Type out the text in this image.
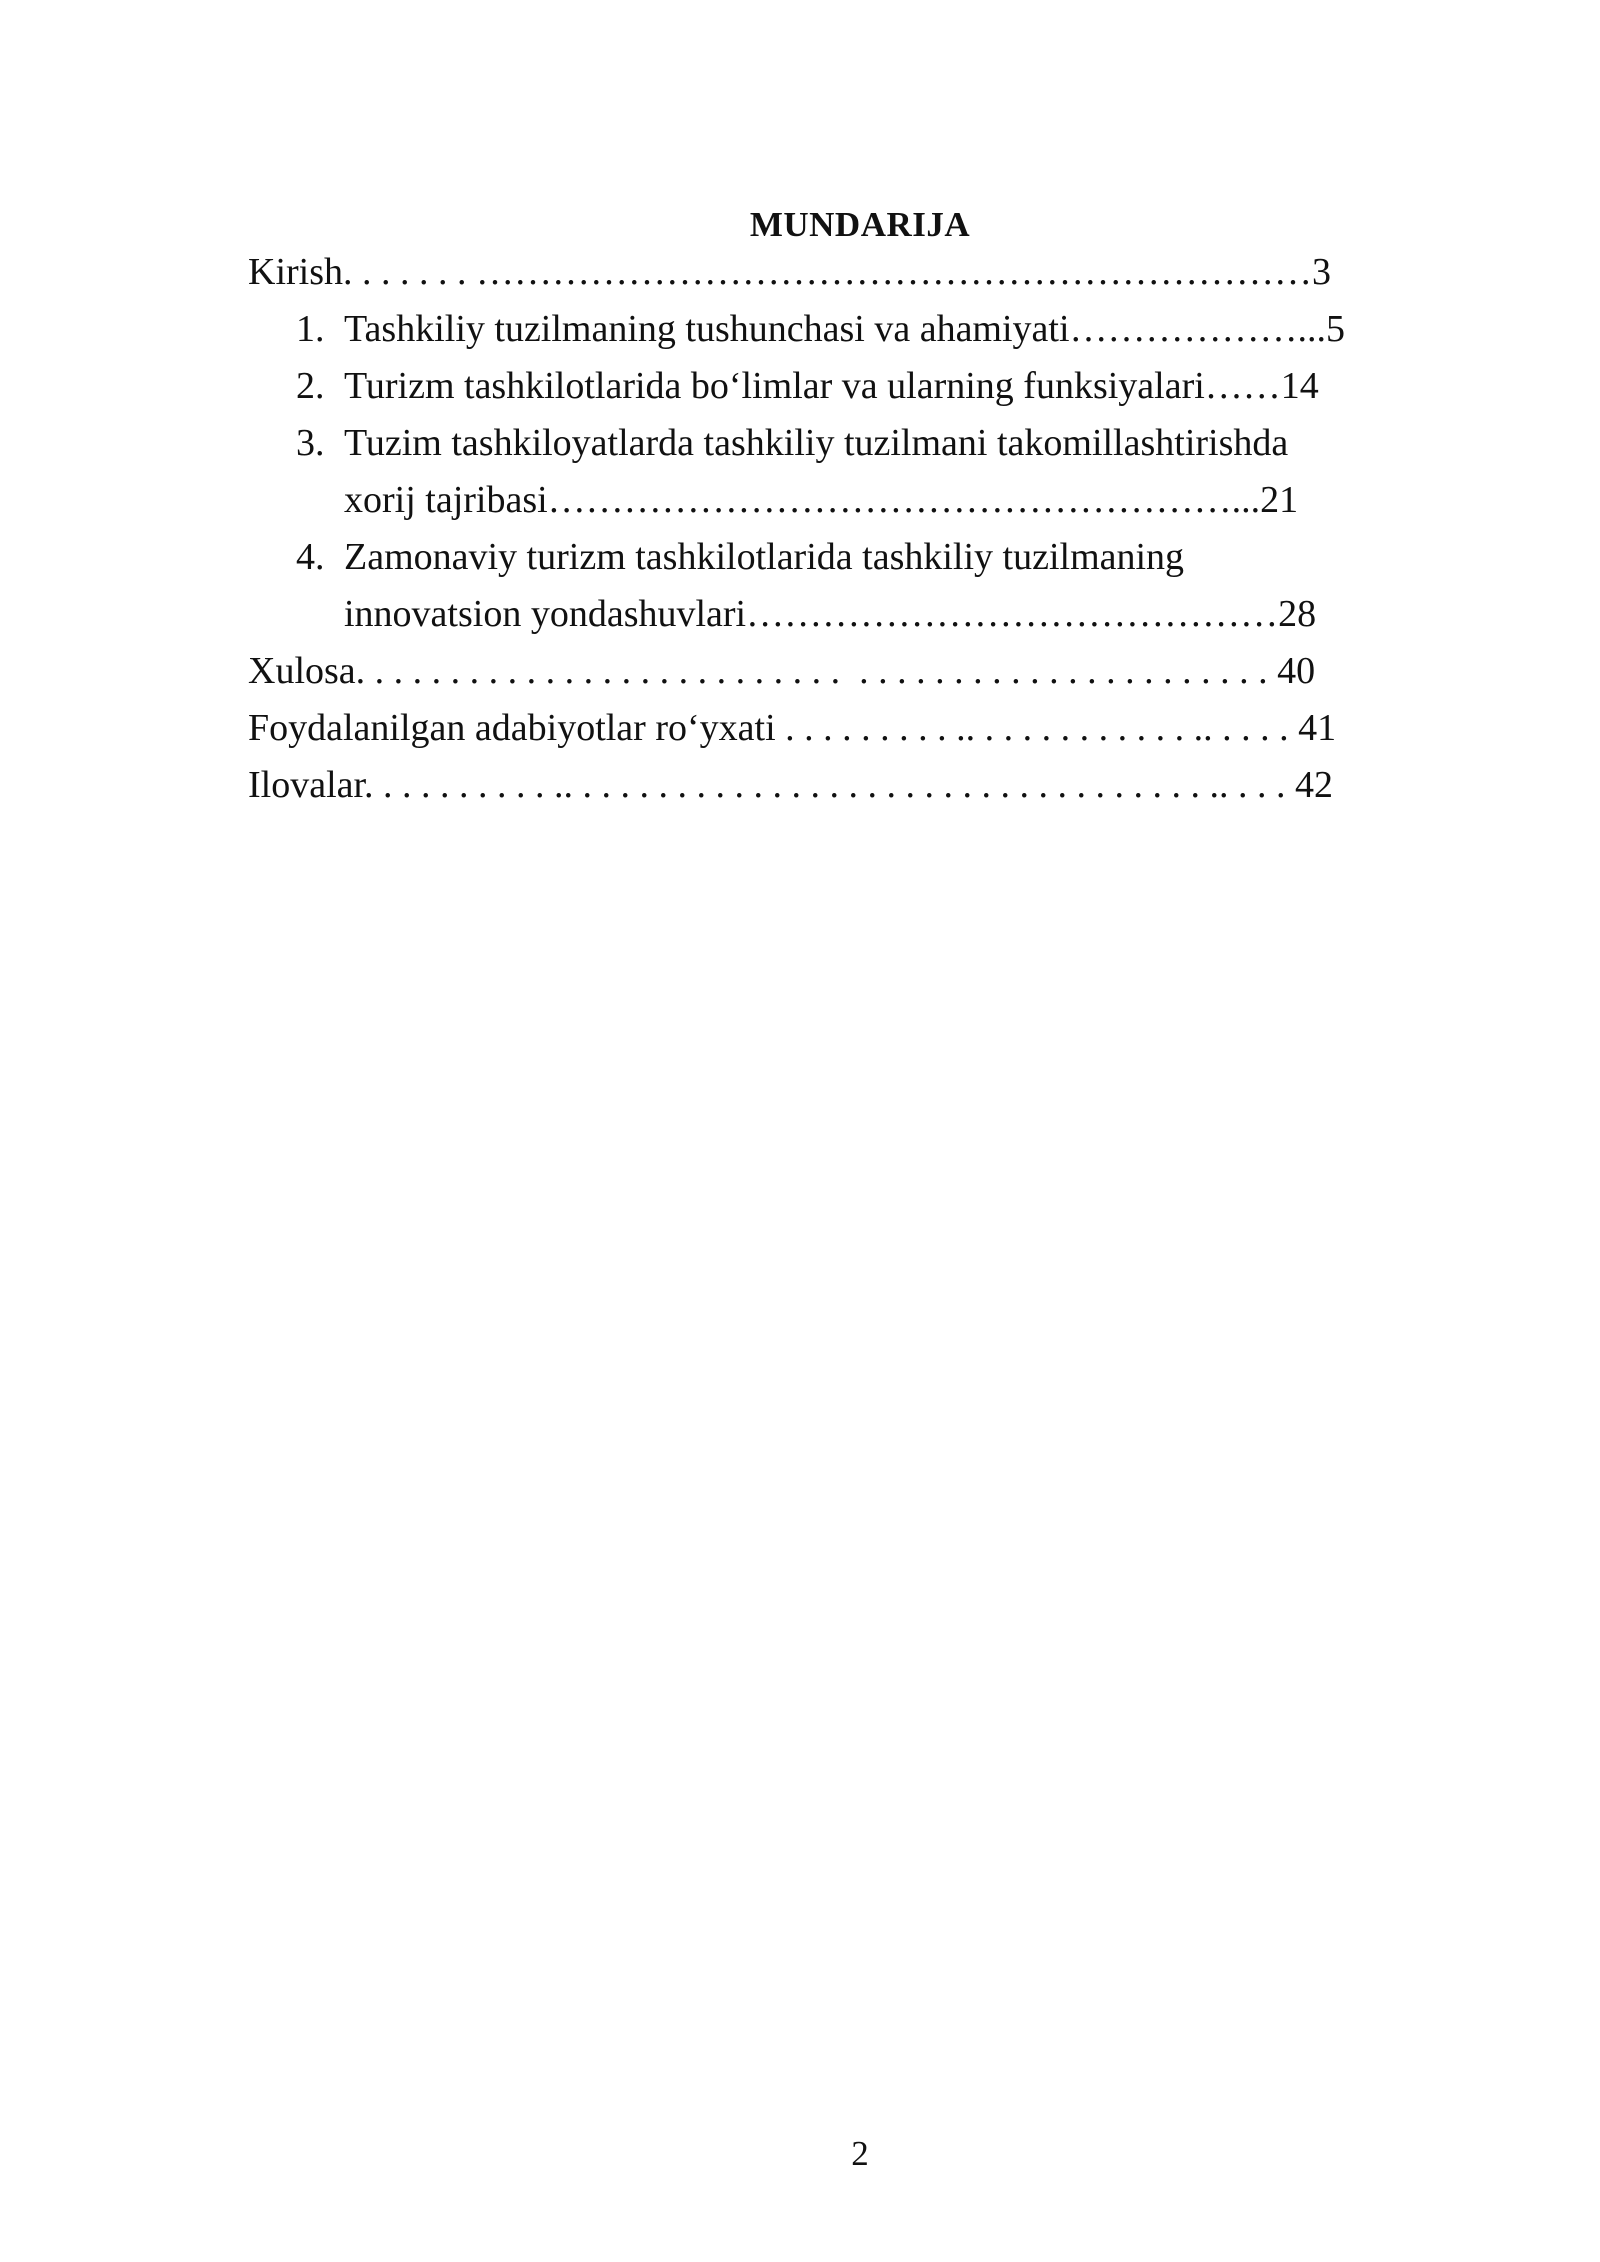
MUNDARIJA
Kirish. . . . . . . …………………………………………………………3
1. Tashkiliy tuzilmaning tushunchasi va ahamiyati………………...5
2. Turizm tashkilotlarida bo‘limlar va ularning funksiyalari……14
3. Tuzim tashkiloyatlarda tashkiliy tuzilmani takomillashtirishda
xorij tajribasi………………………………………………...21
4. Zamonaviy turizm tashkilotlarida tashkiliy tuzilmaning
innovatsion yondashuvlari……………………………………28
Xulosa. . . . . . . . . . . . . . . . . . . . . . . . . .  . . . . . . . . . . . . . . . . . . . . . . 40
Foydalanilgan adabiyotlar ro‘yxati . . . . . . . . . .. . . . . . . . . . . . .. . . . . 41
Ilovalar. . . . . . . . . . .. . . . . . . . . . . . . . . . . . . . . . . . . . . . . . . . . . .. . . . 42
2
